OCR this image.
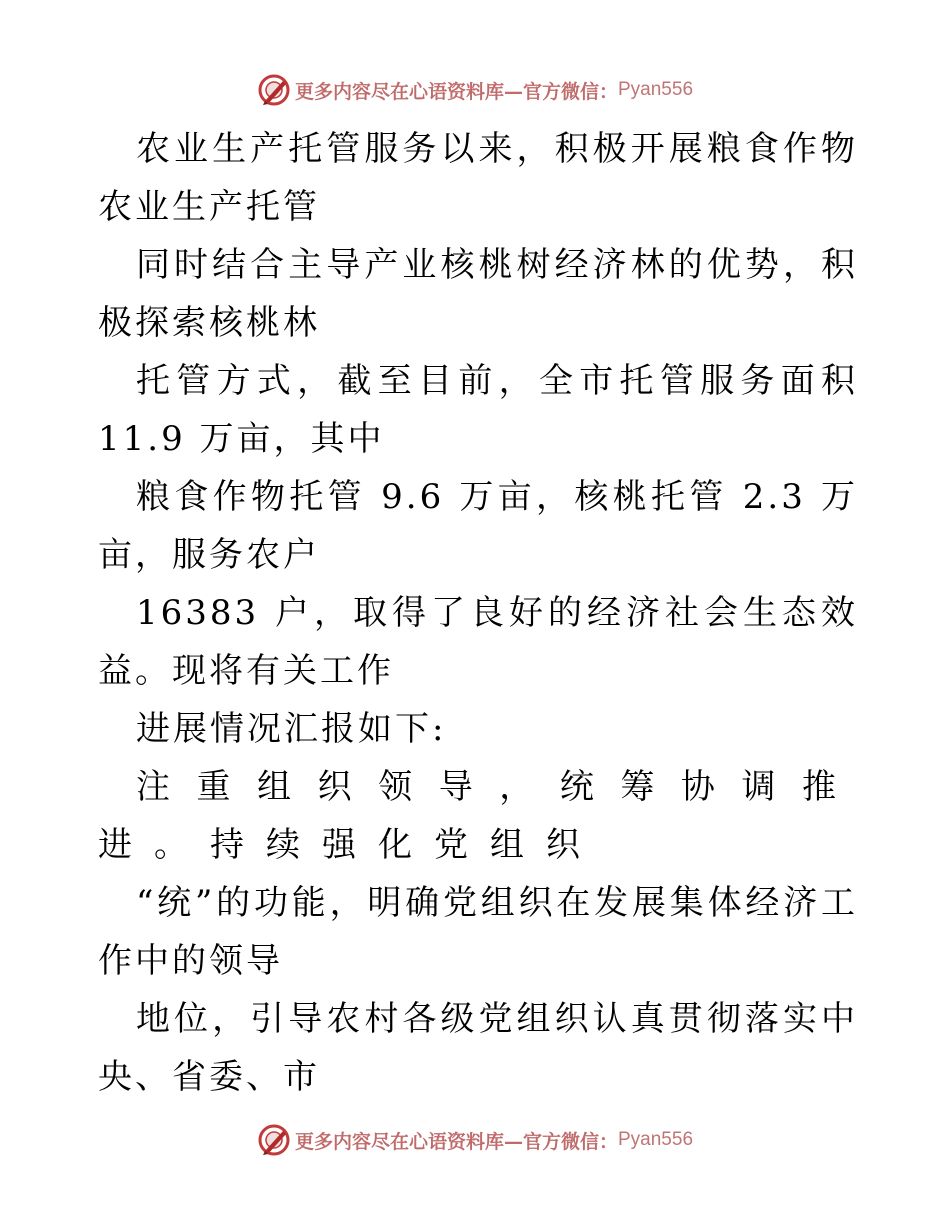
更多内容尽在心语资料库—官方微信： Pyan556

农业生产托管服务以来，积极开展粮食作物农业生产托管

同时结合主导产业核桃树经济林的优势，积极探索核桃林

托管方式，截至目前，全市托管服务面积 11.9 万亩，其中

粮食作物托管 9.6 万亩，核桃托管 2.3 万亩，服务农户

16383 户，取得了良好的经济社会生态效益。现将有关工作

进展情况汇报如下:

注重组织领导，统筹协调推进。持续强化党组织

“统”的功能，明确党组织在发展集体经济工作中的领导

地位，引导农村各级党组织认真贯彻落实中央、省委、市

更多内容尽在心语资料库—官方微信： Pyan556
